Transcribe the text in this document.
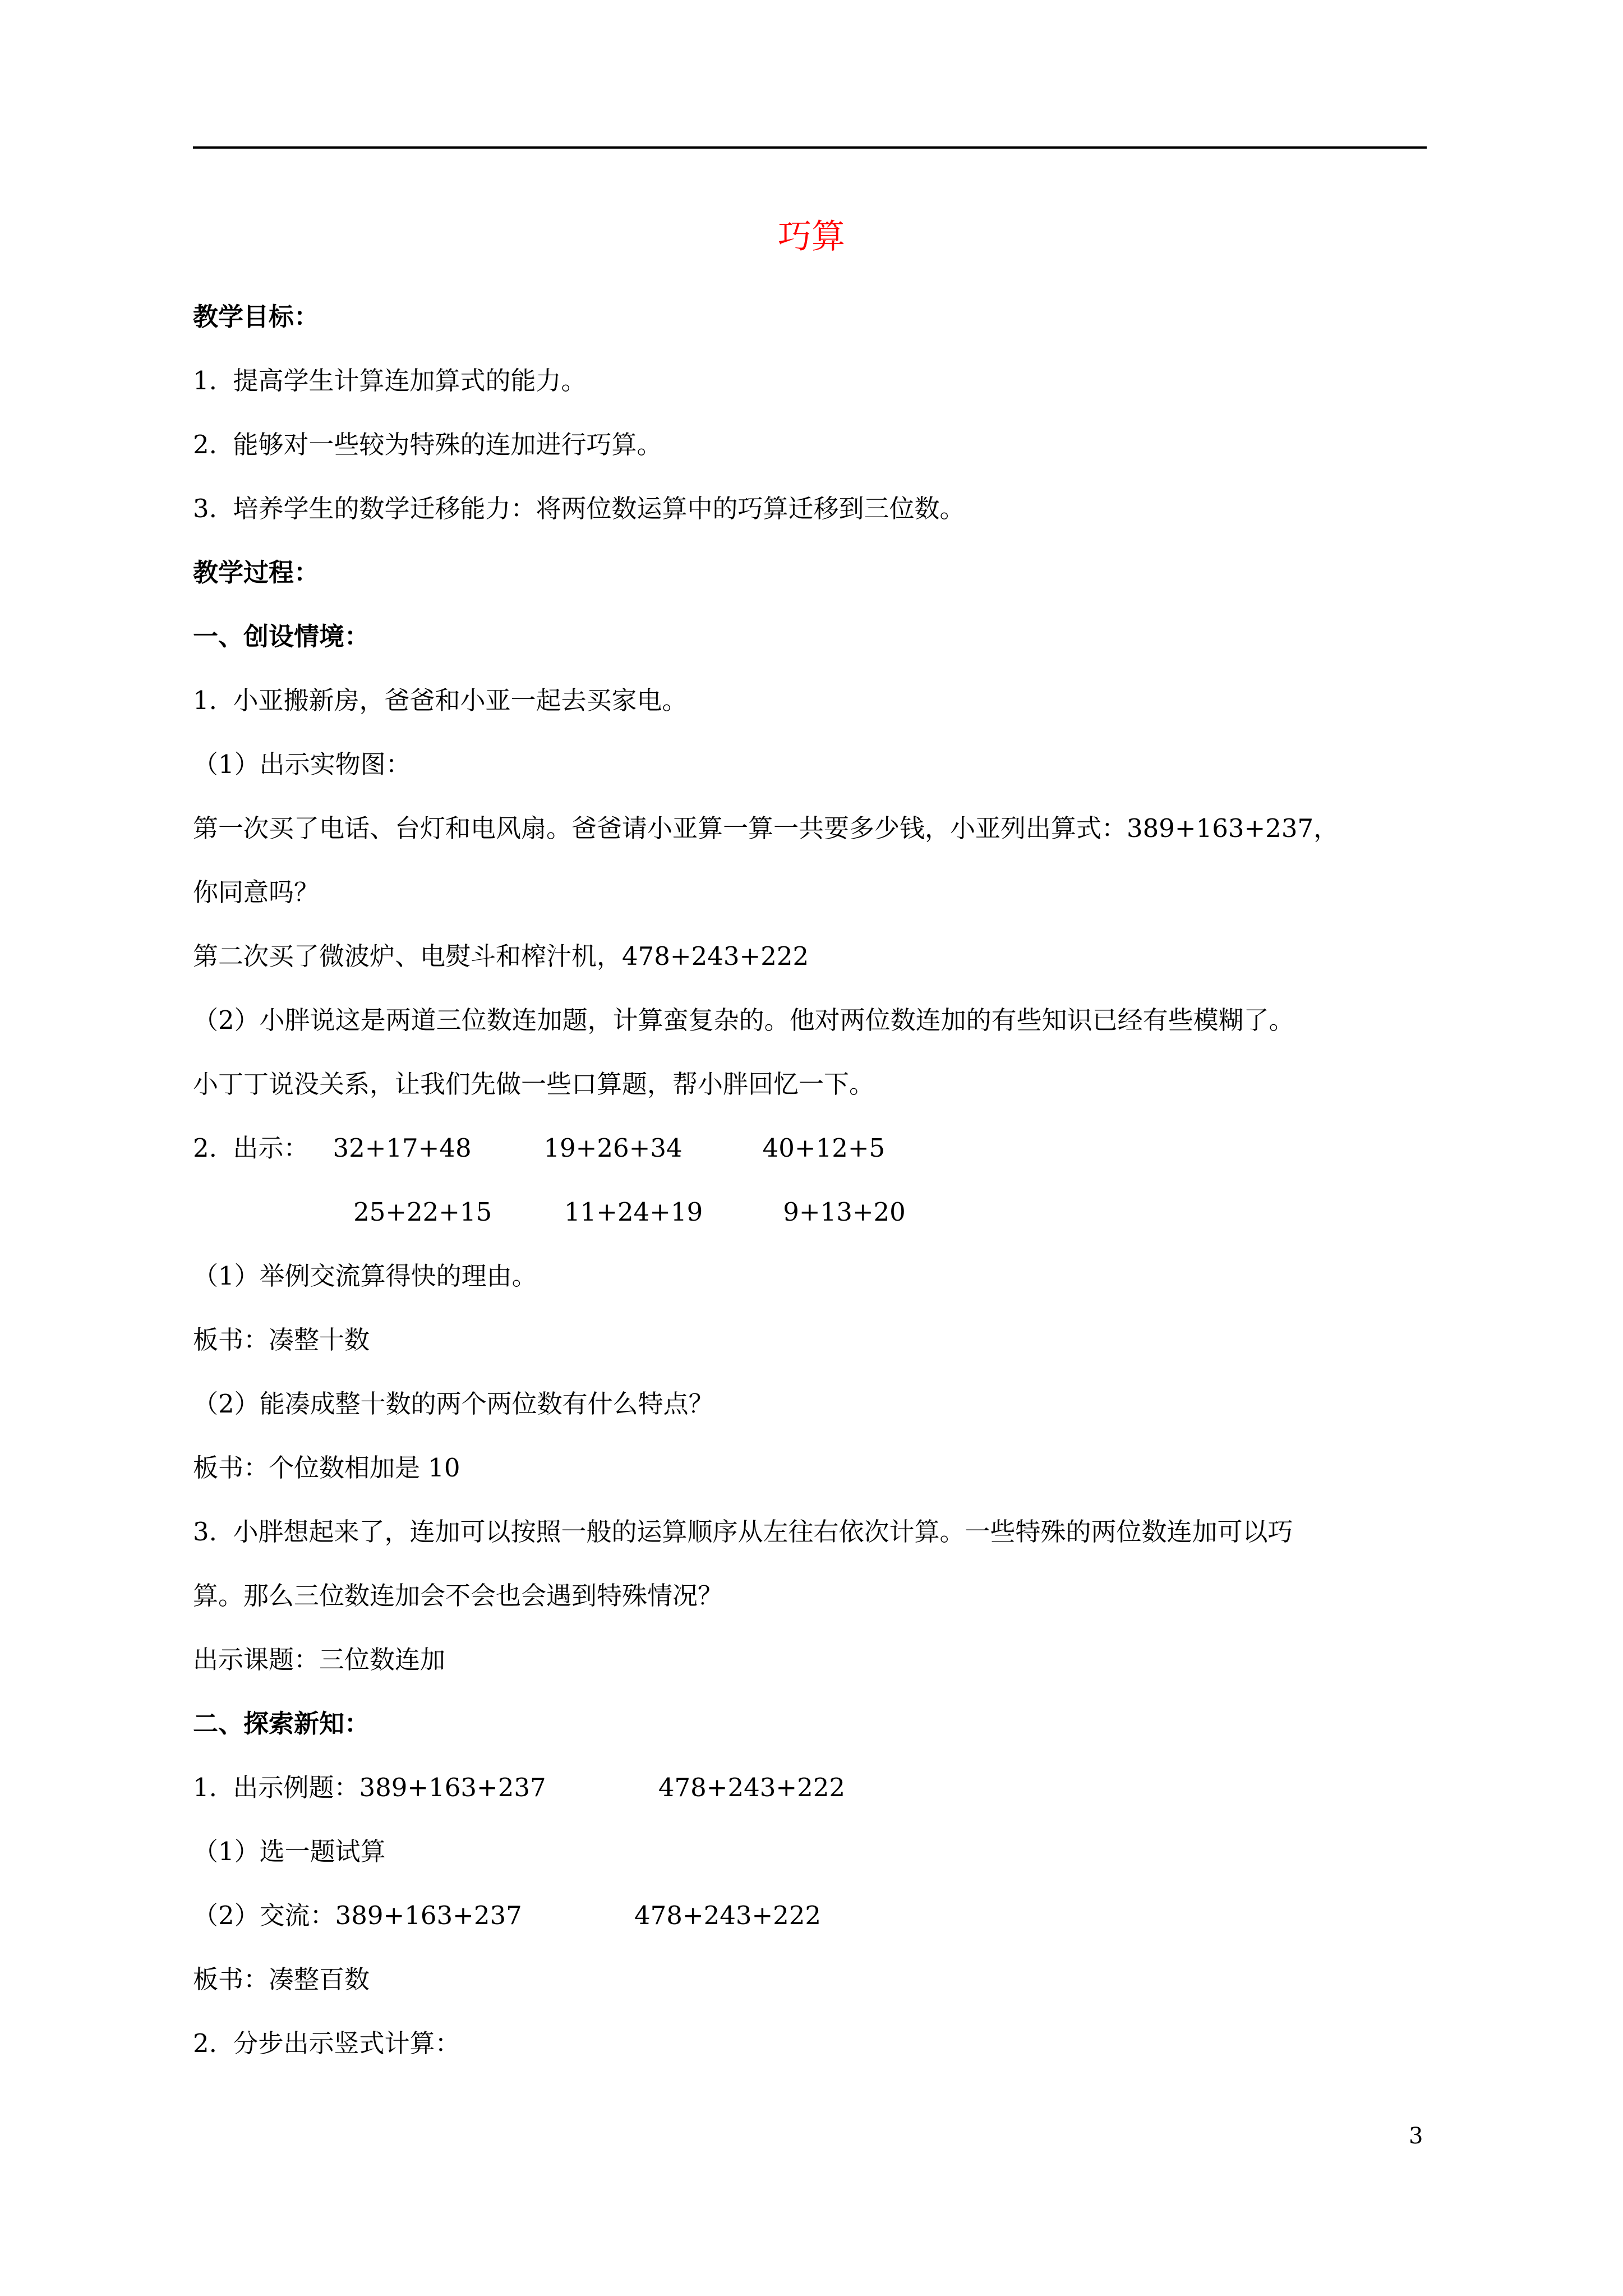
巧算
教学目标：
1.  提高学生计算连加算式的能力。
2.  能够对一些较为特殊的连加进行巧算。
3.  培养学生的数学迁移能力：将两位数运算中的巧算迁移到三位数。
教学过程：
一、创设情境：
1.  小亚搬新房，爸爸和小亚一起去买家电。
（1）出示实物图：
第一次买了电话、台灯和电风扇。爸爸请小亚算一算一共要多少钱，小亚列出算式：389+163+237，
你同意吗？
第二次买了微波炉、电熨斗和榨汁机，478+243+222
（2）小胖说这是两道三位数连加题，计算蛮复杂的。他对两位数连加的有些知识已经有些模糊了。
小丁丁说没关系，让我们先做一些口算题，帮小胖回忆一下。
2.  出示：   32+17+48         19+26+34          40+12+5
25+22+15         11+24+19          9+13+20
（1）举例交流算得快的理由。
板书：凑整十数
（2）能凑成整十数的两个两位数有什么特点？
板书：个位数相加是 10
3.  小胖想起来了，连加可以按照一般的运算顺序从左往右依次计算。一些特殊的两位数连加可以巧
算。那么三位数连加会不会也会遇到特殊情况？
出示课题：三位数连加
二、探索新知：
1.  出示例题：389+163+237              478+243+222
（1）选一题试算
（2）交流：389+163+237              478+243+222
板书：凑整百数
2.  分步出示竖式计算：
3
